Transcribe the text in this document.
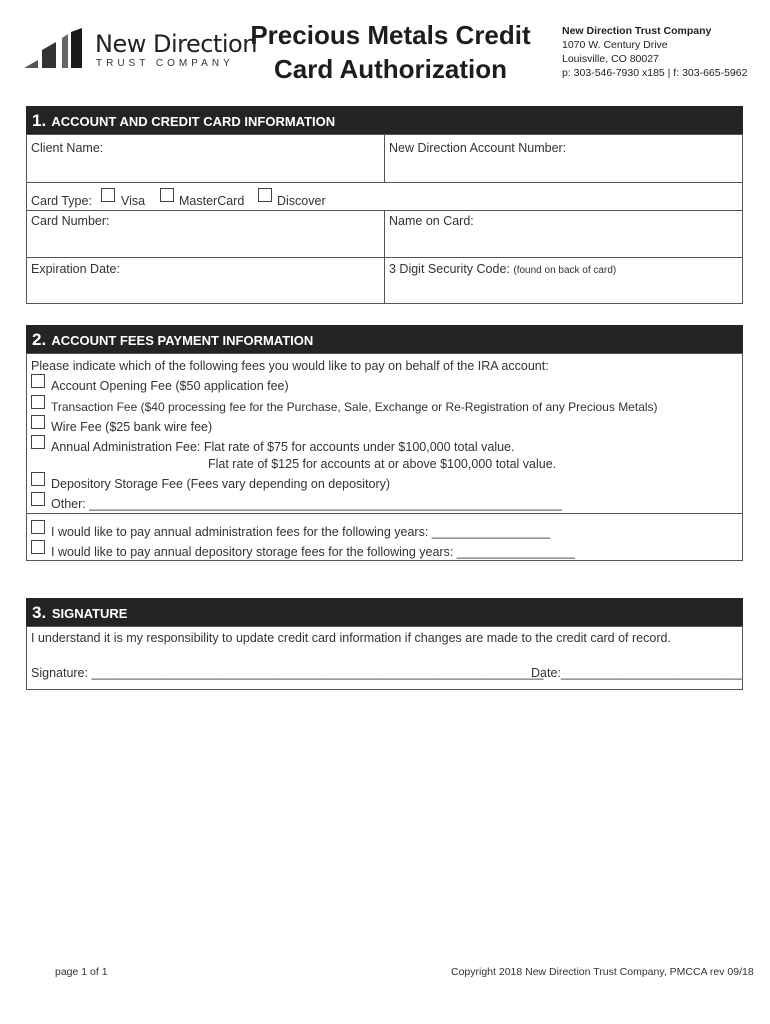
New Direction
TRUST COMPANY
Precious Metals Credit
Card Authorization
New Direction Trust Company
1070 W. Century Drive
Louisville, CO 80027
p: 303-546-7930 x185 | f: 303-665-5962
1. ACCOUNT AND CREDIT CARD INFORMATION
Client Name:	New Direction Account Number:
Card Type: Visa	MasterCard	Discover
Card Number:	Name on Card:
Expiration Date:	3 Digit Security Code: (found on back of card)
2. ACCOUNT FEES PAYMENT INFORMATION
Please indicate which of the following fees you would like to pay on behalf of the IRA account:
Account Opening Fee ($50 application fee)
Transaction Fee ($40 processing fee for the Purchase, Sale, Exchange or Re-Registration of any Precious Metals)
Wire Fee ($25 bank wire fee)
Annual Administration Fee: Flat rate of $75 for accounts under $100,000 total value.
Flat rate of $125 for accounts at or above $100,000 total value.
Depository Storage Fee (Fees vary depending on depository)
Other: ____________________________________________________________________
I would like to pay annual administration fees for the following years: _________________
I would like to pay annual depository storage fees for the following years: _________________
3. SIGNATURE
I understand it is my responsibility to update credit card information if changes are made to the credit card of record.
Signature: _________________________________________________________________
Date:__________________________
page 1 of 1	Copyright 2018 New Direction Trust Company, PMCCA rev 09/18
